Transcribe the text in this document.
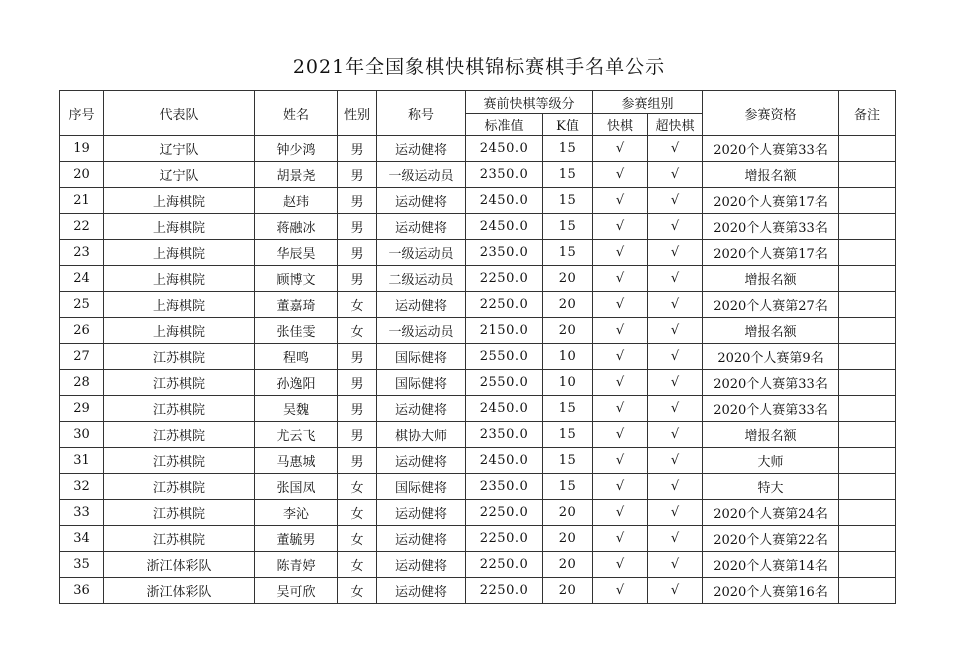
2021年全国象棋快棋锦标赛棋手名单公示
序号	代表队	姓名	性别	称号	赛前快棋等级分		参赛组别		参赛资格	备注
					标准值	K值	快棋	超快棋		
19	辽宁队	钟少鸿	男	运动健将	2450.0	15	√	√	2020个人赛第33名	
20	辽宁队	胡景尧	男	一级运动员	2350.0	15	√	√	增报名额	
21	上海棋院	赵玮	男	运动健将	2450.0	15	√	√	2020个人赛第17名	
22	上海棋院	蒋融冰	男	运动健将	2450.0	15	√	√	2020个人赛第33名	
23	上海棋院	华辰昊	男	一级运动员	2350.0	15	√	√	2020个人赛第17名	
24	上海棋院	顾博文	男	二级运动员	2250.0	20	√	√	增报名额	
25	上海棋院	董嘉琦	女	运动健将	2250.0	20	√	√	2020个人赛第27名	
26	上海棋院	张佳雯	女	一级运动员	2150.0	20	√	√	增报名额	
27	江苏棋院	程鸣	男	国际健将	2550.0	10	√	√	2020个人赛第9名	
28	江苏棋院	孙逸阳	男	国际健将	2550.0	10	√	√	2020个人赛第33名	
29	江苏棋院	吴魏	男	运动健将	2450.0	15	√	√	2020个人赛第33名	
30	江苏棋院	尤云飞	男	棋协大师	2350.0	15	√	√	增报名额	
31	江苏棋院	马惠城	男	运动健将	2450.0	15	√	√	大师	
32	江苏棋院	张国凤	女	国际健将	2350.0	15	√	√	特大	
33	江苏棋院	李沁	女	运动健将	2250.0	20	√	√	2020个人赛第24名	
34	江苏棋院	董毓男	女	运动健将	2250.0	20	√	√	2020个人赛第22名	
35	浙江体彩队	陈青婷	女	运动健将	2250.0	20	√	√	2020个人赛第14名	
36	浙江体彩队	吴可欣	女	运动健将	2250.0	20	√	√	2020个人赛第16名	
